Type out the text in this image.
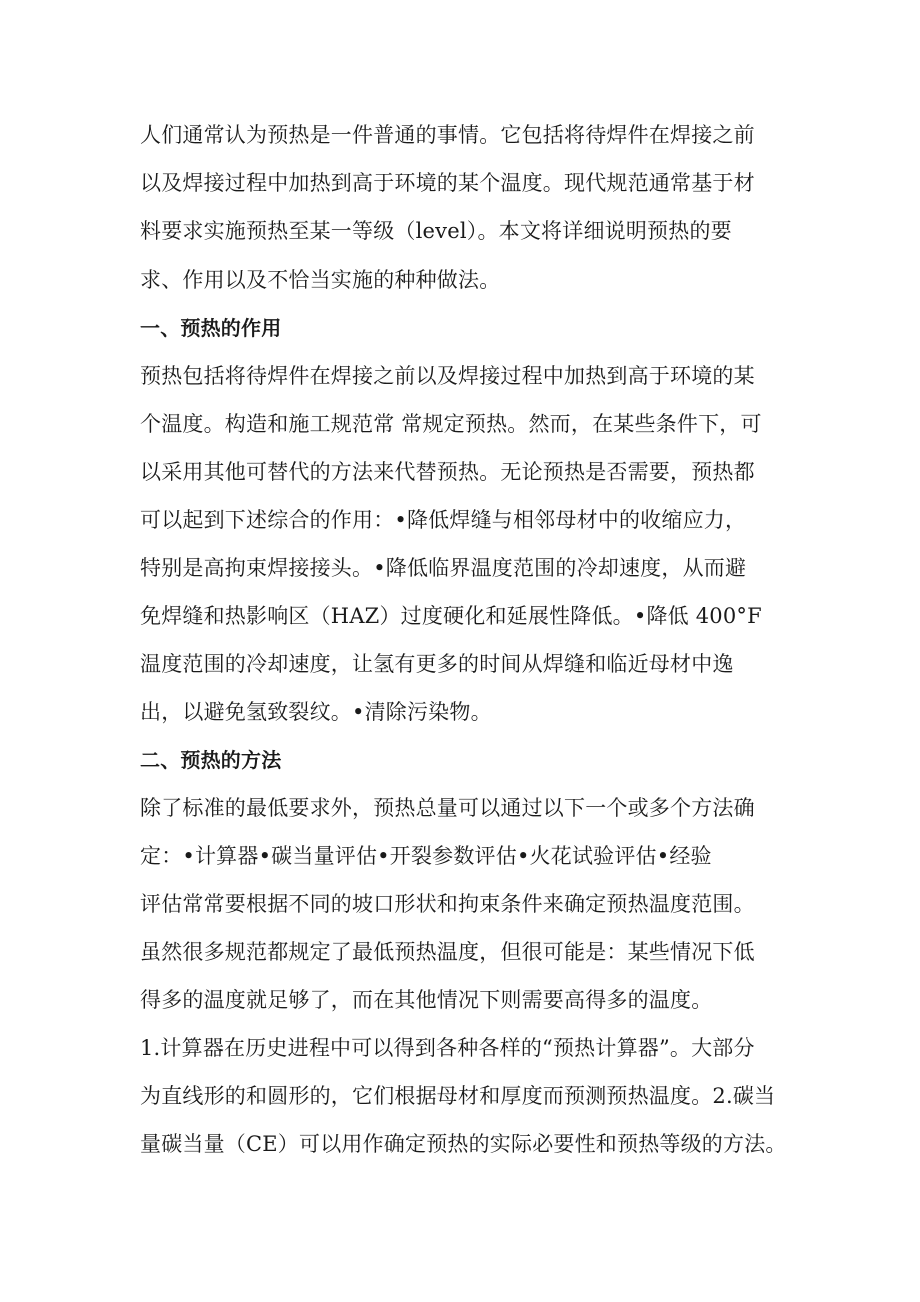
人们通常认为预热是一件普通的事情。它包括将待焊件在焊接之前
以及焊接过程中加热到高于环境的某个温度。现代规范通常基于材
料要求实施预热至某一等级（level）。本文将详细说明预热的要
求、作用以及不恰当实施的种种做法。
一、预热的作用
预热包括将待焊件在焊接之前以及焊接过程中加热到高于环境的某
个温度。构造和施工规范常 常规定预热。然而，在某些条件下，可
以采用其他可替代的方法来代替预热。无论预热是否需要，预热都
可以起到下述综合的作用：•降低焊缝与相邻母材中的收缩应力，
特别是高拘束焊接接头。•降低临界温度范围的冷却速度，从而避
免焊缝和热影响区（HAZ）过度硬化和延展性降低。•降低 400°F
温度范围的冷却速度，让氢有更多的时间从焊缝和临近母材中逸
出，以避免氢致裂纹。•清除污染物。
二、预热的方法
除了标准的最低要求外，预热总量可以通过以下一个或多个方法确
定：•计算器•碳当量评估•开裂参数评估•火花试验评估•经验
评估常常要根据不同的坡口形状和拘束条件来确定预热温度范围。
虽然很多规范都规定了最低预热温度，但很可能是：某些情况下低
得多的温度就足够了，而在其他情况下则需要高得多的温度。
1.计算器在历史进程中可以得到各种各样的“预热计算器”。大部分
为直线形的和圆形的，它们根据母材和厚度而预测预热温度。2.碳当
量碳当量（CE）可以用作确定预热的实际必要性和预热等级的方法。
